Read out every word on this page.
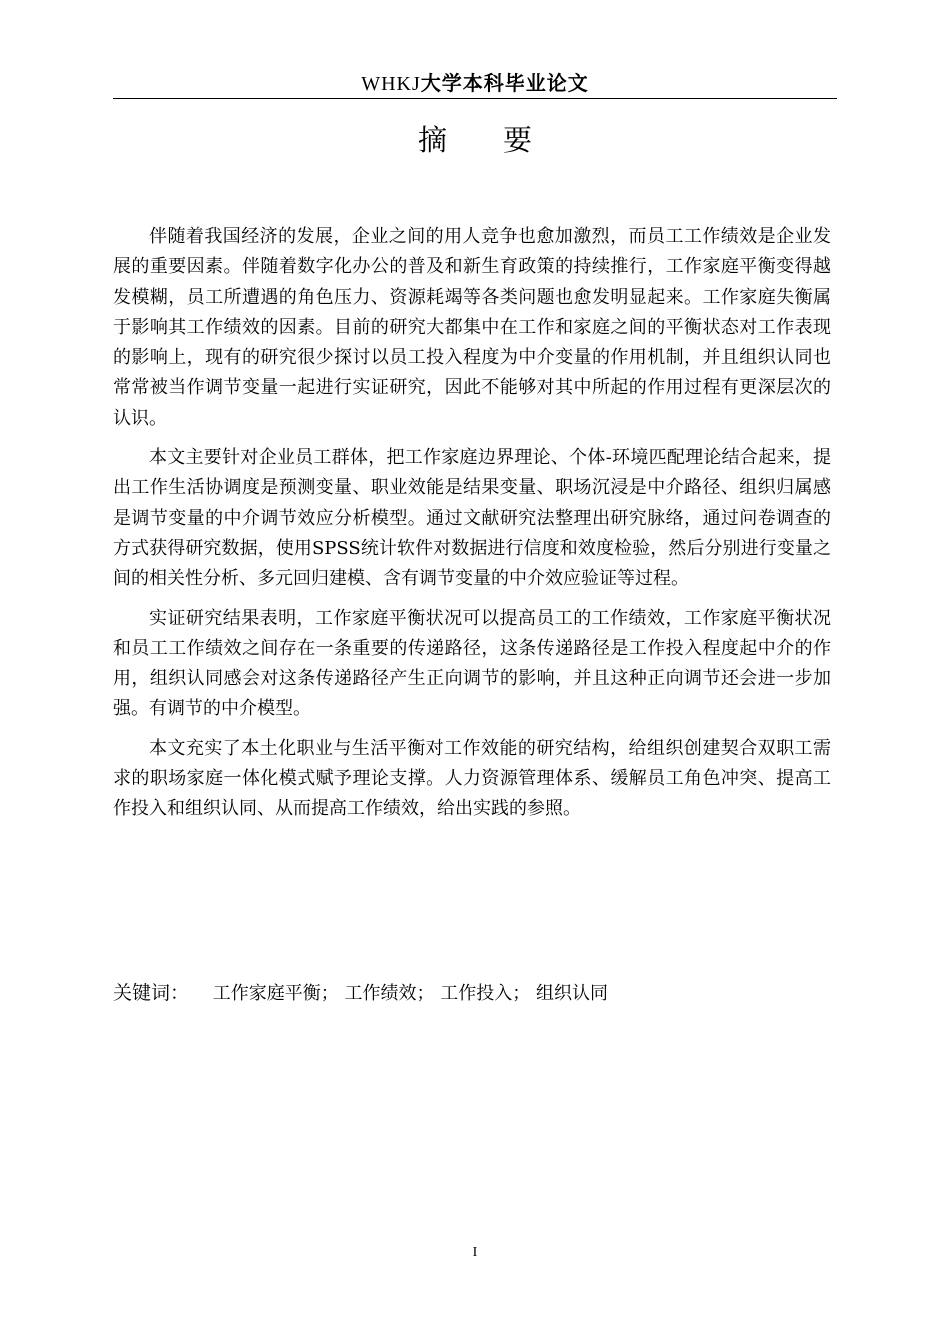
WHKJ大学本科毕业论文
摘要

伴随着我国经济的发展，企业之间的用人竞争也愈加激烈，而员工工作绩效是企业发展的重要因素。伴随着数字化办公的普及和新生育政策的持续推行，工作家庭平衡变得越发模糊，员工所遭遇的角色压力、资源耗竭等各类问题也愈发明显起来。工作家庭失衡属于影响其工作绩效的因素。目前的研究大都集中在工作和家庭之间的平衡状态对工作表现的影响上，现有的研究很少探讨以员工投入程度为中介变量的作用机制，并且组织认同也常常被当作调节变量一起进行实证研究，因此不能够对其中所起的作用过程有更深层次的认识。

本文主要针对企业员工群体，把工作家庭边界理论、个体-环境匹配理论结合起来，提出工作生活协调度是预测变量、职业效能是结果变量、职场沉浸是中介路径、组织归属感是调节变量的中介调节效应分析模型。通过文献研究法整理出研究脉络，通过问卷调查的方式获得研究数据，使用SPSS统计软件对数据进行信度和效度检验，然后分别进行变量之间的相关性分析、多元回归建模、含有调节变量的中介效应验证等过程。

实证研究结果表明，工作家庭平衡状况可以提高员工的工作绩效，工作家庭平衡状况和员工工作绩效之间存在一条重要的传递路径，这条传递路径是工作投入程度起中介的作用，组织认同感会对这条传递路径产生正向调节的影响，并且这种正向调节还会进一步加强。有调节的中介模型。

本文充实了本土化职业与生活平衡对工作效能的研究结构，给组织创建契合双职工需求的职场家庭一体化模式赋予理论支撑。人力资源管理体系、缓解员工角色冲突、提高工作投入和组织认同、从而提高工作绩效，给出实践的参照。

关键词： 工作家庭平衡； 工作绩效； 工作投入； 组织认同
I
